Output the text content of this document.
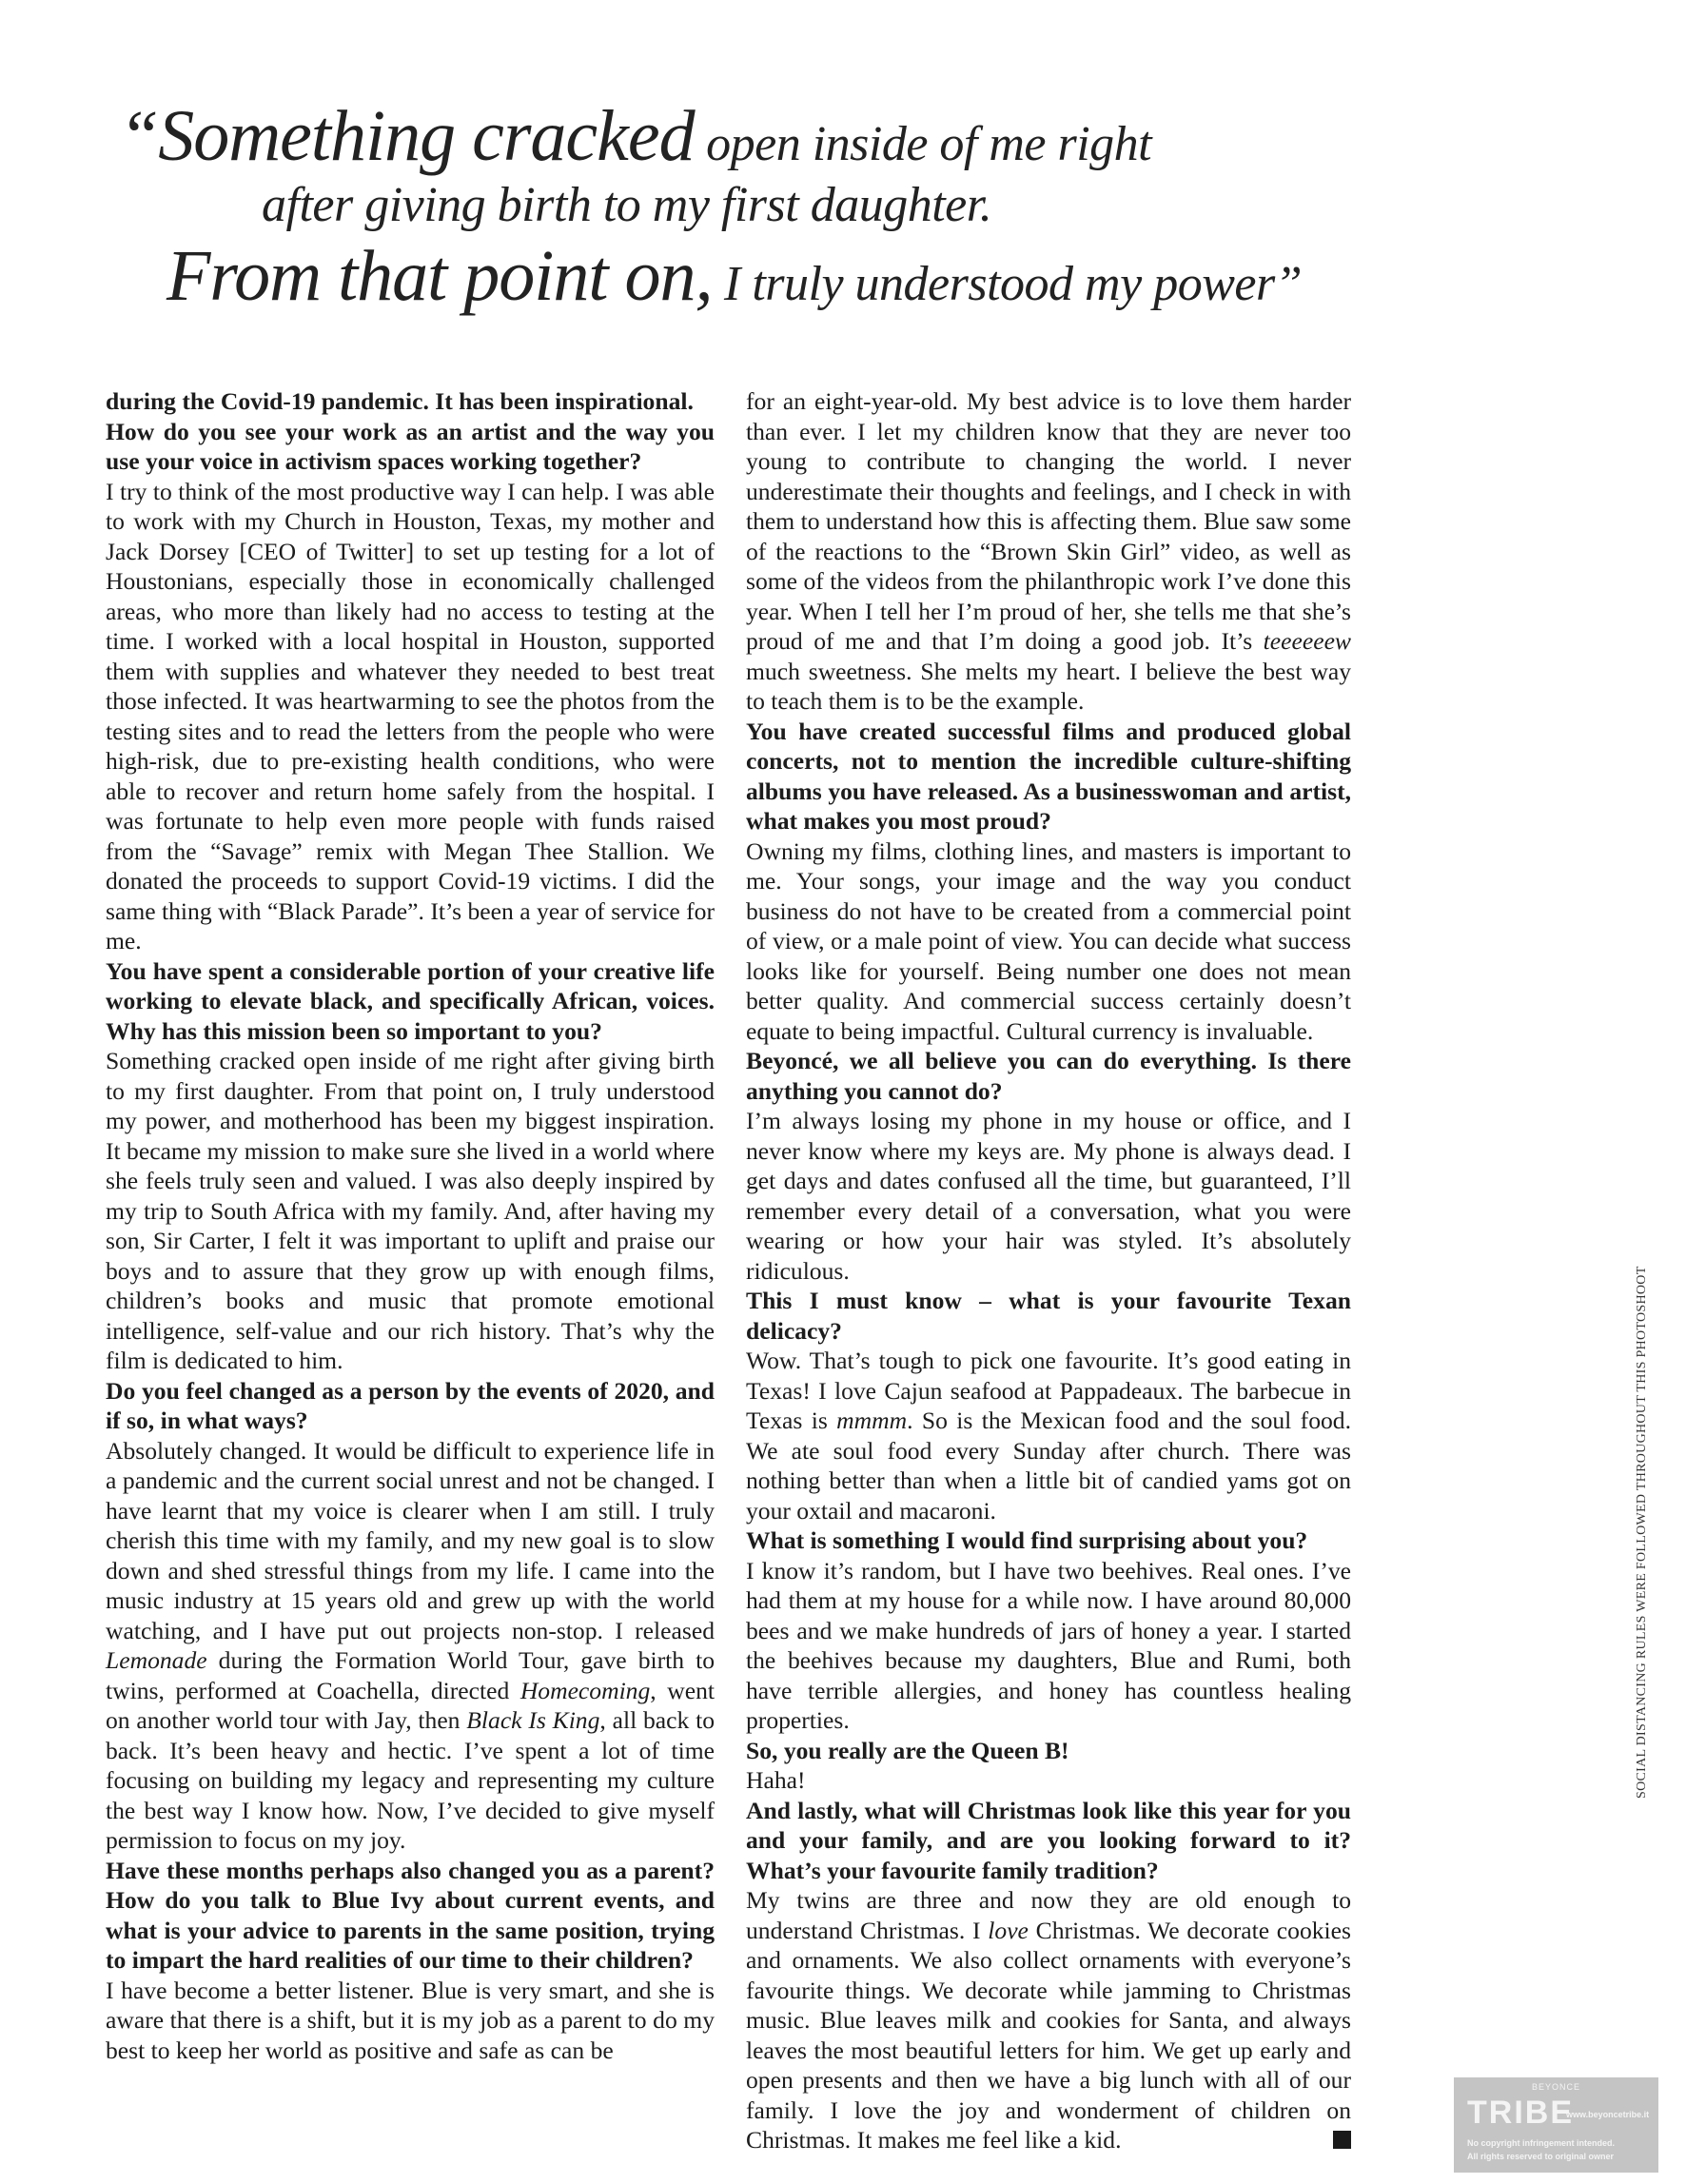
“Something cracked open inside of me right
after giving birth to my first daughter.
From that point on, I truly understood my power”

during the Covid-19 pandemic. It has been inspirational.

How do you see your work as an artist and the way you use your voice in activism spaces working together?

I try to think of the most productive way I can help. I was able to work with my Church in Houston, Texas, my mother and Jack Dorsey [CEO of Twitter] to set up testing for a lot of Houstonians, especially those in economically challenged areas, who more than likely had no access to testing at the time. I worked with a local hospital in Houston, supported them with supplies and whatever they needed to best treat those infected. It was heartwarming to see the photos from the testing sites and to read the letters from the people who were high-risk, due to pre-existing health conditions, who were able to recover and return home safely from the hospital. I was fortunate to help even more people with funds raised from the “Savage” remix with Megan Thee Stallion. We donated the proceeds to support Covid-19 victims. I did the same thing with “Black Parade”. It’s been a year of service for me.

You have spent a considerable portion of your creative life working to elevate black, and specifically African, voices. Why has this mission been so important to you?

Something cracked open inside of me right after giving birth to my first daughter. From that point on, I truly understood my power, and motherhood has been my biggest inspiration. It became my mission to make sure she lived in a world where she feels truly seen and valued. I was also deeply inspired by my trip to South Africa with my family. And, after having my son, Sir Carter, I felt it was important to uplift and praise our boys and to assure that they grow up with enough films, children’s books and music that promote emotional intelligence, self-value and our rich history. That’s why the film is dedicated to him.

Do you feel changed as a person by the events of 2020, and if so, in what ways?

Absolutely changed. It would be difficult to experience life in a pandemic and the current social unrest and not be changed. I have learnt that my voice is clearer when I am still. I truly cherish this time with my family, and my new goal is to slow down and shed stressful things from my life. I came into the music industry at 15 years old and grew up with the world watching, and I have put out projects non-stop. I released Lemonade during the Formation World Tour, gave birth to twins, performed at Coachella, directed Homecoming, went on another world tour with Jay, then Black Is King, all back to back. It’s been heavy and hectic. I’ve spent a lot of time focusing on building my legacy and representing my culture the best way I know how. Now, I’ve decided to give myself permission to focus on my joy.

Have these months perhaps also changed you as a parent? How do you talk to Blue Ivy about current events, and what is your advice to parents in the same position, trying to impart the hard realities of our time to their children?

I have become a better listener. Blue is very smart, and she is aware that there is a shift, but it is my job as a parent to do my best to keep her world as positive and safe as can be

for an eight-year-old. My best advice is to love them harder than ever. I let my children know that they are never too young to contribute to changing the world. I never underestimate their thoughts and feelings, and I check in with them to understand how this is affecting them. Blue saw some of the reactions to the “Brown Skin Girl” video, as well as some of the videos from the philanthropic work I’ve done this year. When I tell her I’m proud of her, she tells me that she’s proud of me and that I’m doing a good job. It’s teeeeeew much sweetness. She melts my heart. I believe the best way to teach them is to be the example.

You have created successful films and produced global concerts, not to mention the incredible culture-shifting albums you have released. As a businesswoman and artist, what makes you most proud?

Owning my films, clothing lines, and masters is important to me. Your songs, your image and the way you conduct business do not have to be created from a commercial point of view, or a male point of view. You can decide what success looks like for yourself. Being number one does not mean better quality. And commercial success certainly doesn’t equate to being impactful. Cultural currency is invaluable.

Beyoncé, we all believe you can do everything. Is there anything you cannot do?

I’m always losing my phone in my house or office, and I never know where my keys are. My phone is always dead. I get days and dates confused all the time, but guaranteed, I’ll remember every detail of a conversation, what you were wearing or how your hair was styled. It’s absolutely ridiculous.

This I must know – what is your favourite Texan delicacy?

Wow. That’s tough to pick one favourite. It’s good eating in Texas! I love Cajun seafood at Pappadeaux. The barbecue in Texas is mmmm. So is the Mexican food and the soul food. We ate soul food every Sunday after church. There was nothing better than when a little bit of candied yams got on your oxtail and macaroni.

What is something I would find surprising about you?

I know it’s random, but I have two beehives. Real ones. I’ve had them at my house for a while now. I have around 80,000 bees and we make hundreds of jars of honey a year. I started the beehives because my daughters, Blue and Rumi, both have terrible allergies, and honey has countless healing properties.

So, you really are the Queen B!

Haha!

And lastly, what will Christmas look like this year for you and your family, and are you looking forward to it? What’s your favourite family tradition?

My twins are three and now they are old enough to understand Christmas. I love Christmas. We decorate cookies and ornaments. We also collect ornaments with everyone’s favourite things. We decorate while jamming to Christmas music. Blue leaves milk and cookies for Santa, and always leaves the most beautiful letters for him. We get up early and open presents and then we have a big lunch with all of our family. I love the joy and wonderment of children on Christmas. It makes me feel like a kid.

SOCIAL DISTANCING RULES WERE FOLLOWED THROUGHOUT THIS PHOTOSHOOT
BEYONCE
TRIBE
www.beyoncetribe.it
No copyright infringement intended.
All rights reserved to original owner
